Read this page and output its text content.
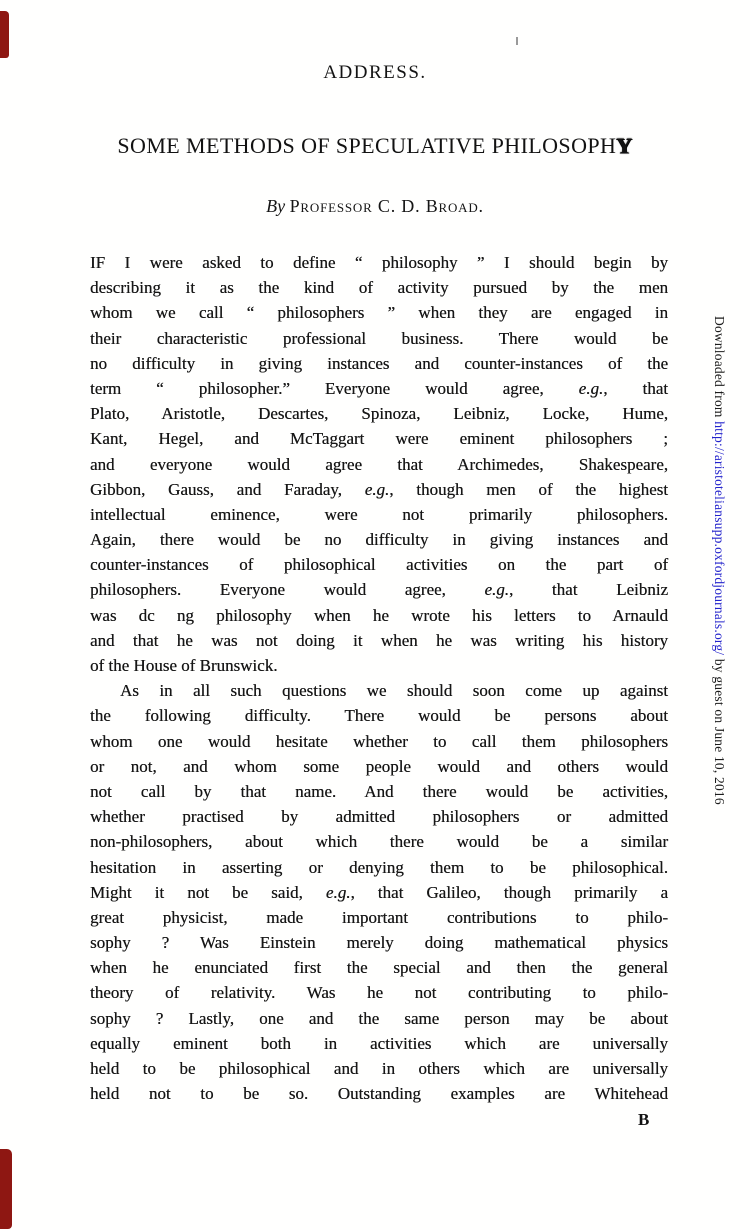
ADDRESS.
SOME METHODS OF SPECULATIVE PHILOSOPHY
By Professor C. D. Broad.
IF I were asked to define “ philosophy ” I should begin by
describing it as the kind of activity pursued by the men
whom we call “ philosophers ” when they are engaged in
their characteristic professional business. There would be
no difficulty in giving instances and counter-instances of the
term “ philosopher.” Everyone would agree, e.g., that
Plato, Aristotle, Descartes, Spinoza, Leibniz, Locke, Hume,
Kant, Hegel, and McTaggart were eminent philosophers ;
and everyone would agree that Archimedes, Shakespeare,
Gibbon, Gauss, and Faraday, e.g., though men of the highest
intellectual eminence, were not primarily philosophers.
Again, there would be no difficulty in giving instances and
counter-instances of philosophical activities on the part of
philosophers. Everyone would agree, e.g., that Leibniz
was dc ng philosophy when he wrote his letters to Arnauld
and that he was not doing it when he was writing his history
of the House of Brunswick.
As in all such questions we should soon come up against
the following difficulty. There would be persons about
whom one would hesitate whether to call them philosophers
or not, and whom some people would and others would
not call by that name. And there would be activities,
whether practised by admitted philosophers or admitted
non-philosophers, about which there would be a similar
hesitation in asserting or denying them to be philosophical.
Might it not be said, e.g., that Galileo, though primarily a
great physicist, made important contributions to philo-
sophy ? Was Einstein merely doing mathematical physics
when he enunciated first the special and then the general
theory of relativity. Was he not contributing to philo-
sophy ? Lastly, one and the same person may be about
equally eminent both in activities which are universally
held to be philosophical and in others which are universally
held not to be so. Outstanding examples are Whitehead
Downloaded from http://aristoteliansupp.oxfordjournals.org/ by guest on June 10, 2016
B
